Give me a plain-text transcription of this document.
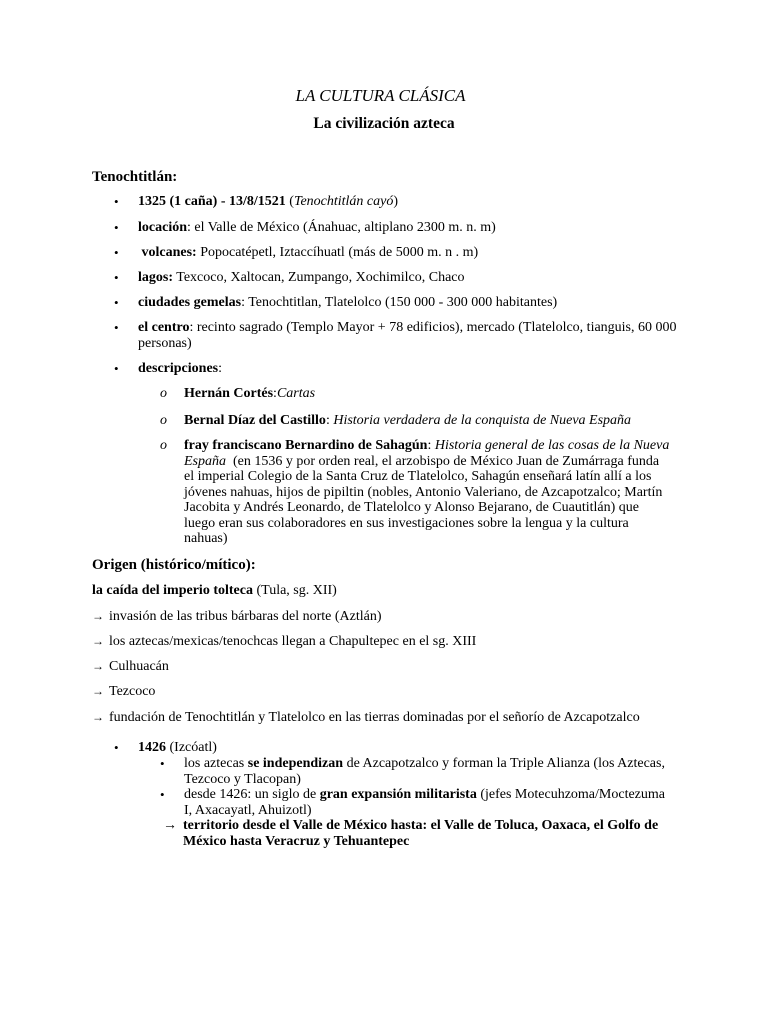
LA CULTURA CLÁSICA
La civilización azteca
Tenochtitlán:
• 1325 (1 caña) - 13/8/1521 (Tenochtitlán cayó)
• locación: el Valle de México (Ánahuac, altiplano 2300 m. n. m)
• volcanes: Popocatépetl, Iztaccíhuatl (más de 5000 m. n . m)
• lagos: Texcoco, Xaltocan, Zumpango, Xochimilco, Chaco
• ciudades gemelas: Tenochtitlan, Tlatelolco (150 000 - 300 000 habitantes)
• el centro: recinto sagrado (Templo Mayor + 78 edificios), mercado (Tlatelolco, tianguis, 60 000 personas)
• descripciones:
o Hernán Cortés:Cartas
o Bernal Díaz del Castillo: Historia verdadera de la conquista de Nueva España
o fray franciscano Bernardino de Sahagún: Historia general de las cosas de la Nueva España  (en 1536 y por orden real, el arzobispo de México Juan de Zumárraga funda el imperial Colegio de la Santa Cruz de Tlatelolco, Sahagún enseñará latín allí a los jóvenes nahuas, hijos de pipiltin (nobles, Antonio Valeriano, de Azcapotzalco; Martín Jacobita y Andrés Leonardo, de Tlatelolco y Alonso Bejarano, de Cuautitlán) que luego eran sus colaboradores en sus investigaciones sobre la lengua y la cultura nahuas)
Origen (histórico/mítico):
la caída del imperio tolteca (Tula, sg. XII)
→ invasión de las tribus bárbaras del norte (Aztlán)
→ los aztecas/mexicas/tenochcas llegan a Chapultepec en el sg. XIII
→ Culhuacán
→ Tezcoco
→ fundación de Tenochtitlán y Tlatelolco en las tierras dominadas por el señorío de Azcapotzalco
• 1426 (Izcóatl)
• los aztecas se independizan de Azcapotzalco y forman la Triple Alianza (los Aztecas, Tezcoco y Tlacopan)
• desde 1426: un siglo de gran expansión militarista (jefes Motecuhzoma/Moctezuma I, Axacayatl, Ahuizotl)
→ territorio desde el Valle de México hasta: el Valle de Toluca, Oaxaca, el Golfo de México hasta Veracruz y Tehuantepec
